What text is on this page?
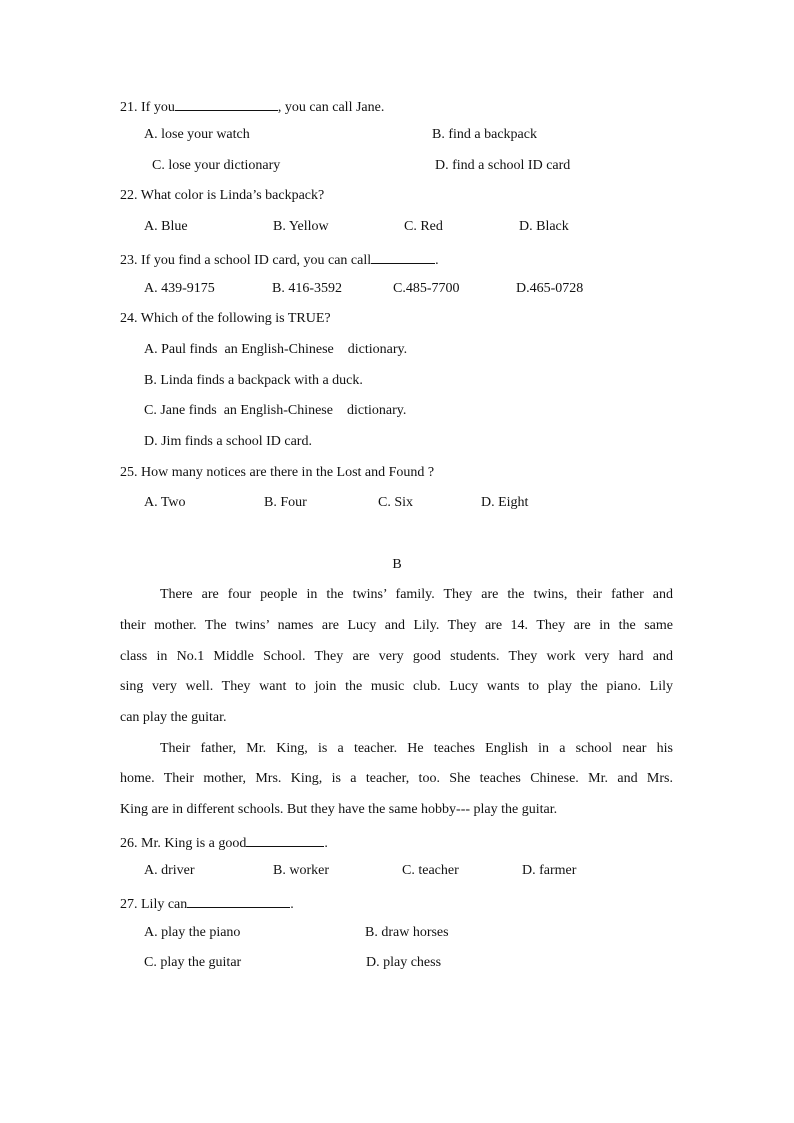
21. If you	, you can call Jane.
A. lose your watch	B. find a backpack
C. lose your dictionary	D. find a school ID card
22. What color is Linda’s backpack?
A. Blue	B. Yellow	C. Red	D. Black
23. If you find a school ID card, you can call	.
A. 439-9175	B. 416-3592	C.485-7700	D.465-0728
24. Which of the following is TRUE?
A. Paul finds  an English-Chinese    dictionary.
B. Linda finds a backpack with a duck.
C. Jane finds  an English-Chinese    dictionary.
D. Jim finds a school ID card.
25. How many notices are there in the Lost and Found ?
A. Two	B. Four	C. Six	D. Eight
B
There are four people in the twins’ family. They are the twins, their father and
their mother. The twins’ names are Lucy and Lily. They are 14. They are in the same
class in No.1 Middle School. They are very good students. They work very hard and
sing very well. They want to join the music club. Lucy wants to play the piano. Lily
can play the guitar.
Their father, Mr. King, is a teacher. He teaches English in a school near his
home. Their mother, Mrs. King, is a teacher, too. She teaches Chinese. Mr. and Mrs.
King are in different schools. But they have the same hobby--- play the guitar.
26. Mr. King is a good	.
A. driver	B. worker	C. teacher	D. farmer
27. Lily can	.
A. play the piano	B. draw horses
C. play the guitar	D. play chess
